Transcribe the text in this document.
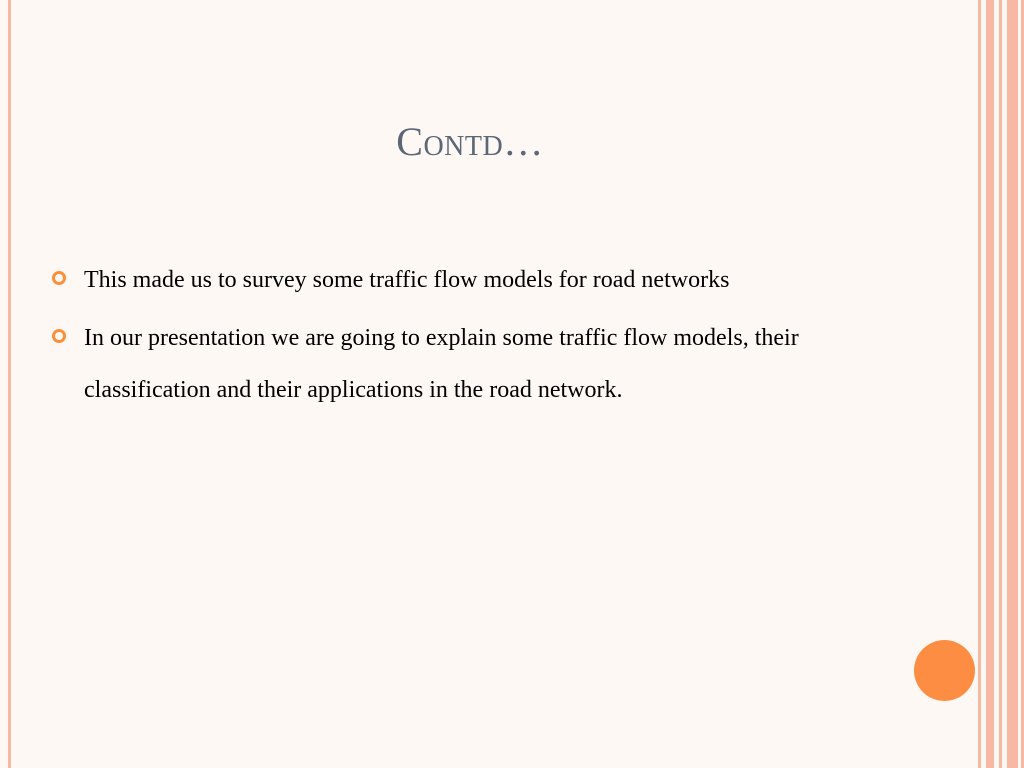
Contd…
This made us to survey some traffic flow models for road networks
In our presentation we are going to explain some traffic flow models, their classification and their applications in the road network.
